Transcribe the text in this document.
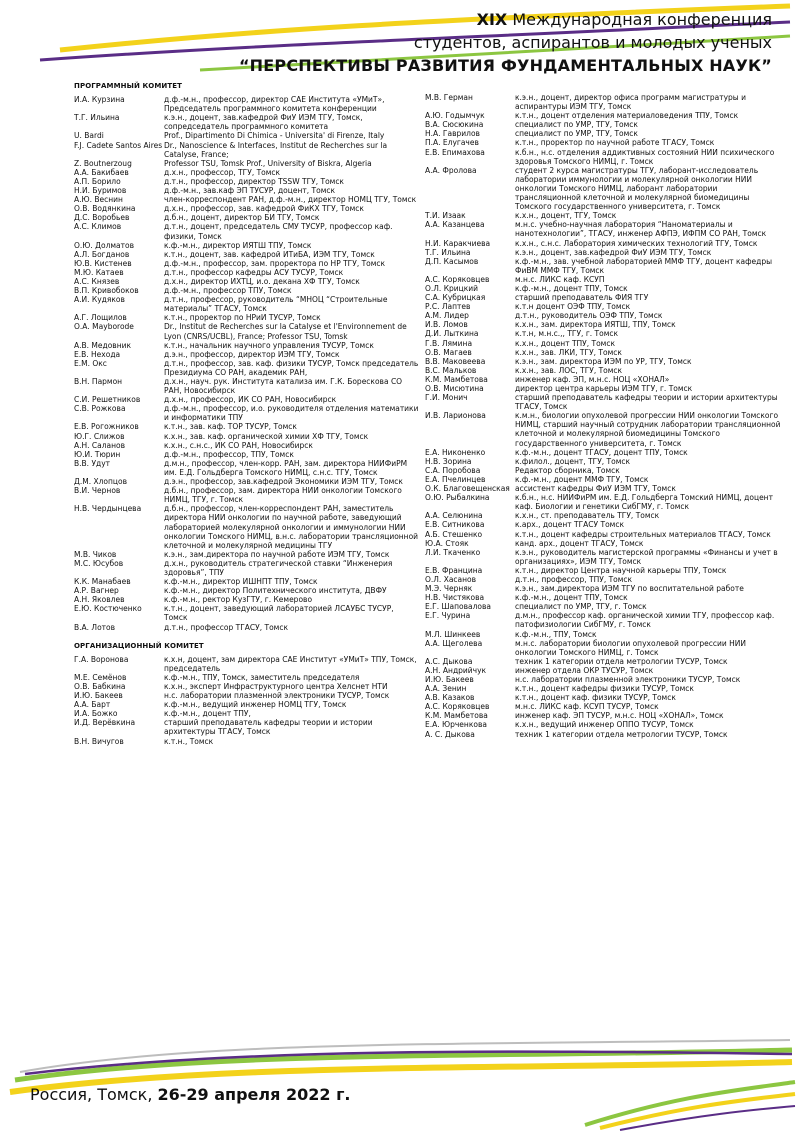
XIX Международная конференция
студентов, аспирантов и молодых ученых
“ПЕРСПЕКТИВЫ РАЗВИТИЯ ФУНДАМЕНТАЛЬНЫХ НАУК”
ПРОГРАММНЫЙ КОМИТЕТ
И.А. Курзина	д.ф.-м.н., профессор, директор САЕ Института «УМиТ», Председатель программного комитета конференции
Т.Г. Ильина	к.э.н., доцент, зав.кафедрой ФиУ ИЭМ ТГУ, Томск, сопредседатель программного комитета
U. Bardi	Prof., Dipartimento Di Chimica - Universita' di Firenze, Italy
F.J. Cadete Santos Aires Dr., Nanoscience & Interfaces, Institut de Recherches sur la Catalyse, France;
Z. Boutnerzoug	Professor TSU, Tomsk Prof., University of Biskra, Algeria
А.А. Бакибаев	д.х.н., профессор, ТГУ, Томск
А.П. Борило	д.т.н., профессор, директор TSSW ТГУ, Томск
Н.И. Буримов	д.ф.-м.н., зав.каф ЭП ТУСУР, доцент, Томск
А.Ю. Веснин	член-корреспондент РАН, д.ф.-м.н., директор НОМЦ ТГУ, Томск
О.В. Водянкина	д.х.н., профессор, зав. кафедрой ФиКХ ТГУ, Томск
Д.С. Воробьев	д.б.н., доцент, директор БИ ТГУ, Томск
А.С. Климов	д.т.н., доцент, председатель СМУ ТУСУР, профессор каф. физики, Томск
О.Ю. Долматов	к.ф.-м.н., директор ИЯТШ ТПУ, Томск
А.Л. Богданов	к.т.н., доцент, зав. кафедрой ИТиБА, ИЭМ ТГУ, Томск
Ю.В. Кистенев	д.ф.-м.н., профессор, зам. проректора по НР ТГУ, Томск
М.Ю. Катаев	д.т.н., профессор кафедры АСУ ТУСУР, Томск
А.С. Князев	д.х.н., директор ИХТЦ, и.о. декана ХФ ТГУ, Томск
В.П. Кривобоков	д.ф.-м.н., профессор ТПУ, Томск
А.И. Кудяков	д.т.н., профессор, руководитель “МНОЦ “Строительные материалы” ТГАСУ, Томск
А.Г. Лощилов	к.т.н., проректор по НРиИ ТУСУР, Томск
О.А. Mayborode	Dr., Institut de Recherches sur la Catalyse et l'Environnement de Lyon (CNRS/UCBL), France; Professor TSU, Tomsk
А.В. Медовник	к.т.н., начальник научного управления ТУСУР, Томск
Е.В. Нехода	д.э.н., профессор, директор ИЭМ ТГУ, Томск
Е.М. Окс	д.т.н., профессор, зав. каф. физики ТУСУР, Томск председатель Президиума СО РАН, академик РАН,
В.Н. Пармон	д.х.н., науч. рук. Института катализа им. Г.К. Борескова СО РАН, Новосибирск
С.И. Решетников	д.х.н., профессор, ИК СО РАН, Новосибирск
С.В. Рожкова	д.ф.-м.н., профессор, и.о. руководителя отделения математики и информатики ТПУ
Е.В. Рогожников	к.т.н., зав. каф. ТОР ТУСУР, Томск
Ю.Г. Слижов	к.х.н., зав. каф. органической химии ХФ ТГУ, Томск
А.Н. Саланов	к.х.н., с.н.с., ИК СО РАН, Новосибирск
Ю.И. Тюрин	д.ф.-м.н., профессор, ТПУ, Томск
В.В. Удут	д.м.н., профессор, член-корр. РАН, зам. директора НИИФиРМ им. Е.Д. Гольдберга Томского НИМЦ, с.н.с. ТГУ, Томск
Д.М. Хлопцов	д.э.н., профессор, зав.кафедрой Экономики ИЭМ ТГУ, Томск
В.И. Чернов	д.б.н., профессор, зам. директора НИИ онкологии Томского НИМЦ, ТГУ, г. Томск
Н.В. Чердынцева	д.б.н., профессор, член-корреспондент РАН, заместитель директора НИИ онкологии по научной работе, заведующий лабораторией молекулярной онкологии и иммунологии НИИ онкологии Томского НИМЦ, в.н.с. лаборатории трансляционной клеточной и молекулярной медицины ТГУ
М.В. Чиков	к.э.н., зам.директора по научной работе ИЭМ ТГУ, Томск
М.С. Юсубов	д.х.н., руководитель стратегической ставки “Инженерия здоровья”, ТПУ
К.К. Манабаев	к.ф.-м.н., директор ИШНПТ ТПУ, Томск
А.Р. Вагнер	к.ф.-м.н., директор Политехнического института, ДВФУ
А.Н. Яковлев	к.ф.-м.н., ректор КузГТУ, г. Кемерово
Е.Ю. Костюченко	к.т.н., доцент, заведующий лабораторией ЛСАУБС ТУСУР, Томск
В.А. Лотов	д.т.н., профессор ТГАСУ, Томск
ОРГАНИЗАЦИОННЫЙ КОМИТЕТ
Г.А. Воронова	к.х.н, доцент, зам директора САЕ Институт «УМиТ» ТПУ, Томск, председатель
М.Е. Семёнов	к.ф.-м.н., ТПУ, Томск, заместитель председателя
О.В. Бабкина	к.х.н., эксперт Инфраструктурного центра Хелснет НТИ
И.Ю. Бакеев	н.с. лаборатории плазменной электроники ТУСУР, Томск
А.А. Барт	к.ф.-м.н., ведущий инженер НОМЦ ТГУ, Томск
И.А. Божко	к.ф.-м.н., доцент ТПУ,
И.Д. Верёвкина	старший преподаватель кафедры теории и истории архитектуры ТГАСУ, Томск
В.Н. Вичугов	к.т.н., Томск
М.В. Герман	к.э.н., доцент, директор офиса программ магистратуры и аспирантуры ИЭМ ТГУ, Томск
А.Ю. Годымчук	к.т.н., доцент отделения материаловедения ТПУ, Томск
В.А. Сюсюкина	специалист по УМР, ТГУ, Томск
Н.А. Гаврилов	специалист по УМР, ТГУ, Томск
П.А. Елугачев	к.т.н., проректор по научной работе ТГАСУ, Томск
Е.В. Епимахова	к.б.н., н.с. отделения аддиктивных состояний НИИ психического здоровья Томского НИМЦ, г. Томск
А.А. Фролова	студент 2 курса магистратуры ТГУ, лаборант-исследователь лаборатории иммунологии и молекулярной онкологии НИИ онкологии Томского НИМЦ, лаборант лаборатории трансляционной клеточной и молекулярной биомедицины Томского государственного университета, г. Томск
Т.И. Изаак	к.х.н., доцент, ТГУ, Томск
А.А. Казанцева	м.н.с. учебно-научная лаборатория “Наноматериалы и нанотехнологии”, ТГАСУ, инженер АФПЭ, ИФПМ СО РАН, Томск
Н.И. Каракчиева	к.х.н., с.н.с. Лаборатория химических технологий ТГУ, Томск
Т.Г. Ильина	к.э.н., доцент, зав.кафедрой ФиУ ИЭМ ТГУ, Томск
Д.П. Касымов	к.ф.-м.н., зав. учебной лабораторией ММФ ТГУ, доцент кафедры ФиВМ ММФ ТГУ, Томск
А.С. Коряковцев	м.н.с. ЛИКС каф. КСУП
О.Л. Крицкий	к.ф.-м.н., доцент ТПУ, Томск
С.А. Кубрицкая	старший преподаватель ФИЯ ТГУ
Р.С. Лаптев	к.т.н доцент ОЭФ ТПУ, Томск
А.М. Лидер	д.т.н., руководитель ОЭФ ТПУ, Томск
И.В. Ломов	к.х.н., зам. директора ИЯТШ, ТПУ, Томск
Д.И. Лыткина	к.т.н, м.н.с.,, ТГУ, г. Томск
Г.В. Лямина	к.х.н., доцент ТПУ, Томск
О.В. Магаев	к.х.н., зав. ЛКИ, ТГУ, Томск
В.В. Маковеева	к.э.н., зам. директора ИЭМ по УР, ТГУ, Томск
В.С. Мальков	к.х.н., зав. ЛОС, ТГУ, Томск
К.М. Мамбетова	инженер каф. ЭП, м.н.с. НОЦ «ХОНАЛ»
О.В. Мисютина	директор центра карьеры ИЭМ ТГУ, г. Томск
Г.И. Монич	старший преподаватель кафедры теории и истории архитектуры ТГАСУ, Томск
И.В. Ларионова	к.м.н., биологии опухолевой прогрессии НИИ онкологии Томского НИМЦ, старший научный сотрудник лаборатории трансляционной клеточной и молекулярной биомедицины Томского государственного университета, г. Томск
Е.А. Никоненко	к.ф.-м.н., доцент ТГАСУ, доцент ТПУ, Томск
Н.В. Зорина	к.филол., доцент, ТГУ, Томск
С.А. Поробова	Редактор сборника, Томск
Е.А. Пчелинцев	к.ф.-м.н., доцент ММФ ТГУ, Томск
О.К. Благовещенская ассистент кафедры ФиУ ИЭМ ТГУ, Томск
О.Ю. Рыбалкина	к.б.н., н.с. НИИФиРМ им. Е.Д. Гольдберга Томский НИМЦ, доцент каф. Биологии и генетики СибГМУ, г. Томск
А.А. Селюнина	к.х.н., ст. преподаватель ТГУ, Томск
Е.В. Ситникова	к.арх., доцент ТГАСУ Томск
А.Б. Стешенко	к.т.н., доцент кафедры строительных материалов ТГАСУ, Томск
Ю.А. Стояк	канд. арх., доцент ТГАСУ, Томск
Л.И. Ткаченко	к.э.н., руководитель магистерской программы «Финансы и учет в организациях», ИЭМ ТГУ, Томск
Е.В. Францина	к.т.н., директор Центра научной карьеры ТПУ, Томск
О.Л. Хасанов	д.т.н., профессор, ТПУ, Томск
М.Э. Черняк	к.э.н., зам.директора ИЭМ ТГУ по воспитательной работе
Н.В. Чистякова	к.ф.-м.н., доцент ТПУ, Томск
Е.Г. Шаповалова	специалист по УМР, ТГУ, г. Томск
Е.Г. Чурина	д.м.н., профессор каф. органической химии ТГУ, профессор каф. патофизиологии СибГМУ, г. Томск
М.Л. Шинкеев	к.ф.-м.н., ТПУ, Томск
А.А. Щеголева	м.н.с. лаборатории биологии опухолевой прогрессии НИИ онкологии Томского НИМЦ, г. Томск
А.С. Дыкова	техник 1 категории отдела метрологии ТУСУР, Томск
А.Н. Андрийчук	инженер отдела ОКР ТУСУР, Томск
И.Ю. Бакеев	н.с. лаборатории плазменной электроники ТУСУР, Томск
А.А. Зенин	к.т.н., доцент кафедры физики ТУСУР, Томск
А.В. Казаков	к.т.н., доцент каф. физики ТУСУР, Томск
А.С. Коряковцев	м.н.с. ЛИКС каф. КСУП ТУСУР, Томск
К.М. Мамбетова	инженер каф. ЭП ТУСУР, м.н.с. НОЦ «ХОНАЛ», Томск
Е.А. Юрченкова	к.х.н., ведущий инженер ОППО ТУСУР, Томск
А. С. Дыкова	техник 1 категории отдела метрологии ТУСУР, Томск
Россия, Томск, 26-29 апреля 2022 г.
